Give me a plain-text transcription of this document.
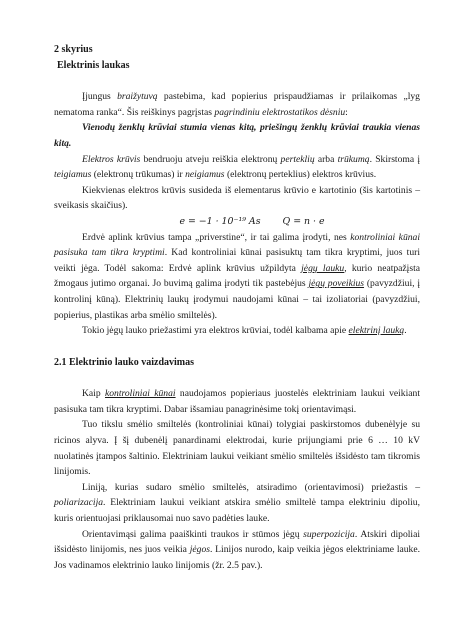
2 skyrius

Elektrinis laukas

Įjungus braižytuvą pastebima, kad popierius prispaudžiamas ir prilaikomas „lyg nematoma ranka“. Šis reiškinys pagrįstas pagrindiniu elektrostatikos dėsniu:

Vienodų ženklų krūviai stumia vienas kitą, priešingų ženklų krūviai traukia vienas kitą.

Elektros krūvis bendruoju atveju reiškia elektronų perteklių arba trūkumą. Skirstoma į teigiamus (elektronų trūkumas) ir neigiamus (elektronų perteklius) elektros krūvius.

Kiekvienas elektros krūvis susideda iš elementarus krūvio e kartotinio (šis kartotinis – sveikasis skaičius).

e = −1 · 10⁻¹⁹ As Q = n · e

Erdvė aplink krūvius tampa „priverstine“, ir tai galima įrodyti, nes kontroliniai kūnai pasisuka tam tikra kryptimi. Kad kontroliniai kūnai pasisuktų tam tikra kryptimi, juos turi veikti jėga. Todėl sakoma: Erdvė aplink krūvius užpildyta jėgų lauku, kurio neatpažįsta žmogaus jutimo organai. Jo buvimą galima įrodyti tik pastebėjus jėgų poveikius (pavyzdžiui, į kontrolinį kūną). Elektrinių laukų įrodymui naudojami kūnai – tai izoliatoriai (pavyzdžiui, popierius, plastikas arba smėlio smiltelės).

Tokio jėgų lauko priežastimi yra elektros krūviai, todėl kalbama apie elektrinį lauką.

2.1 Elektrinio lauko vaizdavimas

Kaip kontroliniai kūnai naudojamos popieriaus juostelės elektriniam laukui veikiant pasisuka tam tikra kryptimi. Dabar išsamiau panagrinėsime tokį orientavimąsi.

Tuo tikslu smėlio smiltelės (kontroliniai kūnai) tolygiai paskirstomos dubenėlyje su ricinos alyva. Į šį dubenėlį panardinami elektrodai, kurie prijungiami prie 6 … 10 kV nuolatinės įtampos šaltinio. Elektriniam laukui veikiant smėlio smiltelės išsidėsto tam tikromis linijomis.

Liniją, kurias sudaro smėlio smiltelės, atsiradimo (orientavimosi) priežastis – poliarizacija. Elektriniam laukui veikiant atskira smėlio smiltelė tampa elektriniu dipoliu, kuris orientuojasi priklausomai nuo savo padėties lauke.

Orientavimąsi galima paaiškinti traukos ir stūmos jėgų superpozicija. Atskiri dipoliai išsidėsto linijomis, nes juos veikia jėgos. Linijos nurodo, kaip veikia jėgos elektriniame lauke. Jos vadinamos elektrinio lauko linijomis (žr. 2.5 pav.).
